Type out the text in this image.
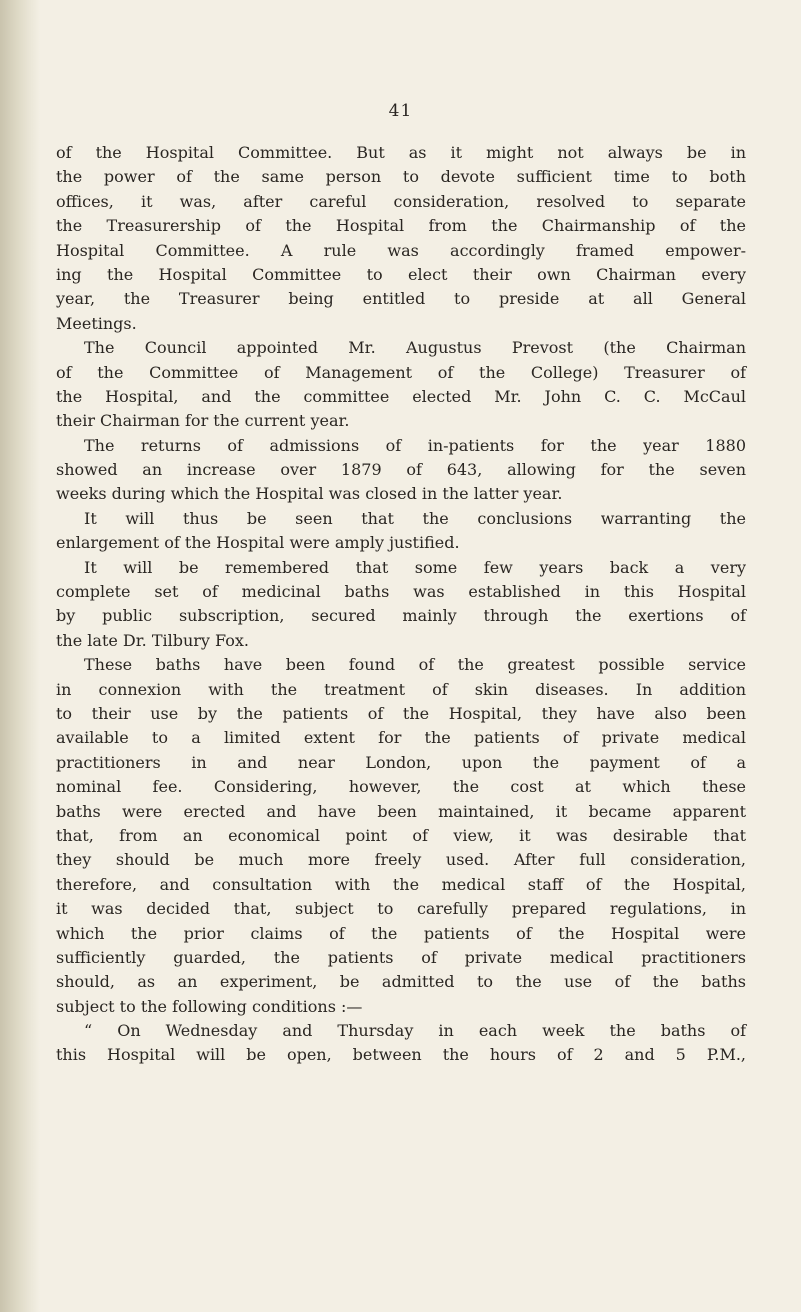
41
of the Hospital Committee. But as it might not always be in
the power of the same person to devote sufficient time to both
offices, it was, after careful consideration, resolved to separate
the Treasurership of the Hospital from the Chairmanship of the
Hospital Committee. A rule was accordingly framed empower-
ing the Hospital Committee to elect their own Chairman every
year, the Treasurer being entitled to preside at all General
Meetings.
The Council appointed Mr. Augustus Prevost (the Chairman
of the Committee of Management of the College) Treasurer of
the Hospital, and the committee elected Mr. John C. C. McCaul
their Chairman for the current year.
The returns of admissions of in-patients for the year 1880
showed an increase over 1879 of 643, allowing for the seven
weeks during which the Hospital was closed in the latter year.
It will thus be seen that the conclusions warranting the
enlargement of the Hospital were amply justified.
It will be remembered that some few years back a very
complete set of medicinal baths was established in this Hospital
by public subscription, secured mainly through the exertions of
the late Dr. Tilbury Fox.
These baths have been found of the greatest possible service
in connexion with the treatment of skin diseases. In addition
to their use by the patients of the Hospital, they have also been
available to a limited extent for the patients of private medical
practitioners in and near London, upon the payment of a
nominal fee. Considering, however, the cost at which these
baths were erected and have been maintained, it became apparent
that, from an economical point of view, it was desirable that
they should be much more freely used. After full consideration,
therefore, and consultation with the medical staff of the Hospital,
it was decided that, subject to carefully prepared regulations, in
which the prior claims of the patients of the Hospital were
sufficiently guarded, the patients of private medical practitioners
should, as an experiment, be admitted to the use of the baths
subject to the following conditions :—
“ On Wednesday and Thursday in each week the baths of
this Hospital will be open, between the hours of 2 and 5 P.M.,
